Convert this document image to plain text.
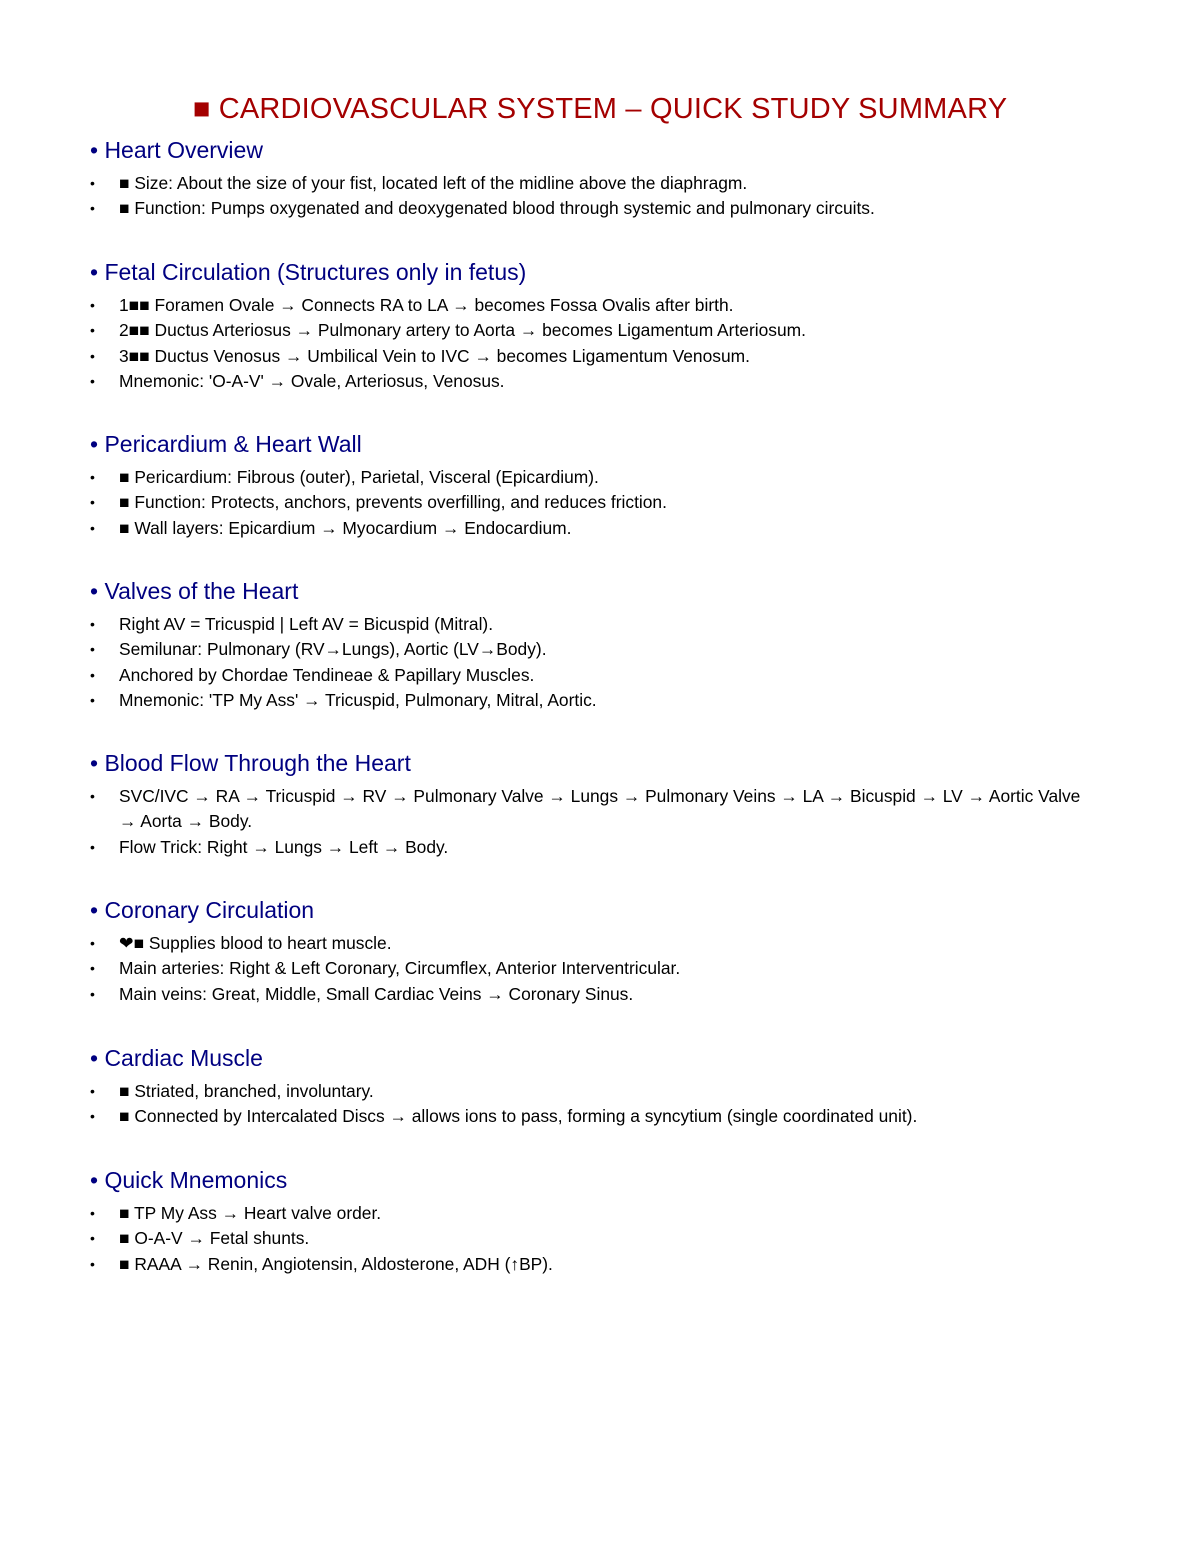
■ CARDIOVASCULAR SYSTEM – QUICK STUDY SUMMARY
• Heart Overview
• ■ Size: About the size of your fist, located left of the midline above the diaphragm.
• ■ Function: Pumps oxygenated and deoxygenated blood through systemic and pulmonary circuits.
• Fetal Circulation (Structures only in fetus)
• 1■■ Foramen Ovale → Connects RA to LA → becomes Fossa Ovalis after birth.
• 2■■ Ductus Arteriosus → Pulmonary artery to Aorta → becomes Ligamentum Arteriosum.
• 3■■ Ductus Venosus → Umbilical Vein to IVC → becomes Ligamentum Venosum.
• Mnemonic: 'O-A-V' → Ovale, Arteriosus, Venosus.
• Pericardium & Heart Wall
• ■ Pericardium: Fibrous (outer), Parietal, Visceral (Epicardium).
• ■ Function: Protects, anchors, prevents overfilling, and reduces friction.
• ■ Wall layers: Epicardium → Myocardium → Endocardium.
• Valves of the Heart
• Right AV = Tricuspid | Left AV = Bicuspid (Mitral).
• Semilunar: Pulmonary (RV→Lungs), Aortic (LV→Body).
• Anchored by Chordae Tendineae & Papillary Muscles.
• Mnemonic: 'TP My Ass' → Tricuspid, Pulmonary, Mitral, Aortic.
• Blood Flow Through the Heart
• SVC/IVC → RA → Tricuspid → RV → Pulmonary Valve → Lungs → Pulmonary Veins → LA → Bicuspid → LV → Aortic Valve → Aorta → Body.
• Flow Trick: Right → Lungs → Left → Body.
• Coronary Circulation
• ❤■ Supplies blood to heart muscle.
• Main arteries: Right & Left Coronary, Circumflex, Anterior Interventricular.
• Main veins: Great, Middle, Small Cardiac Veins → Coronary Sinus.
• Cardiac Muscle
• ■ Striated, branched, involuntary.
• ■ Connected by Intercalated Discs → allows ions to pass, forming a syncytium (single coordinated unit).
• Quick Mnemonics
• ■ TP My Ass → Heart valve order.
• ■ O-A-V → Fetal shunts.
• ■ RAAA → Renin, Angiotensin, Aldosterone, ADH (↑BP).
